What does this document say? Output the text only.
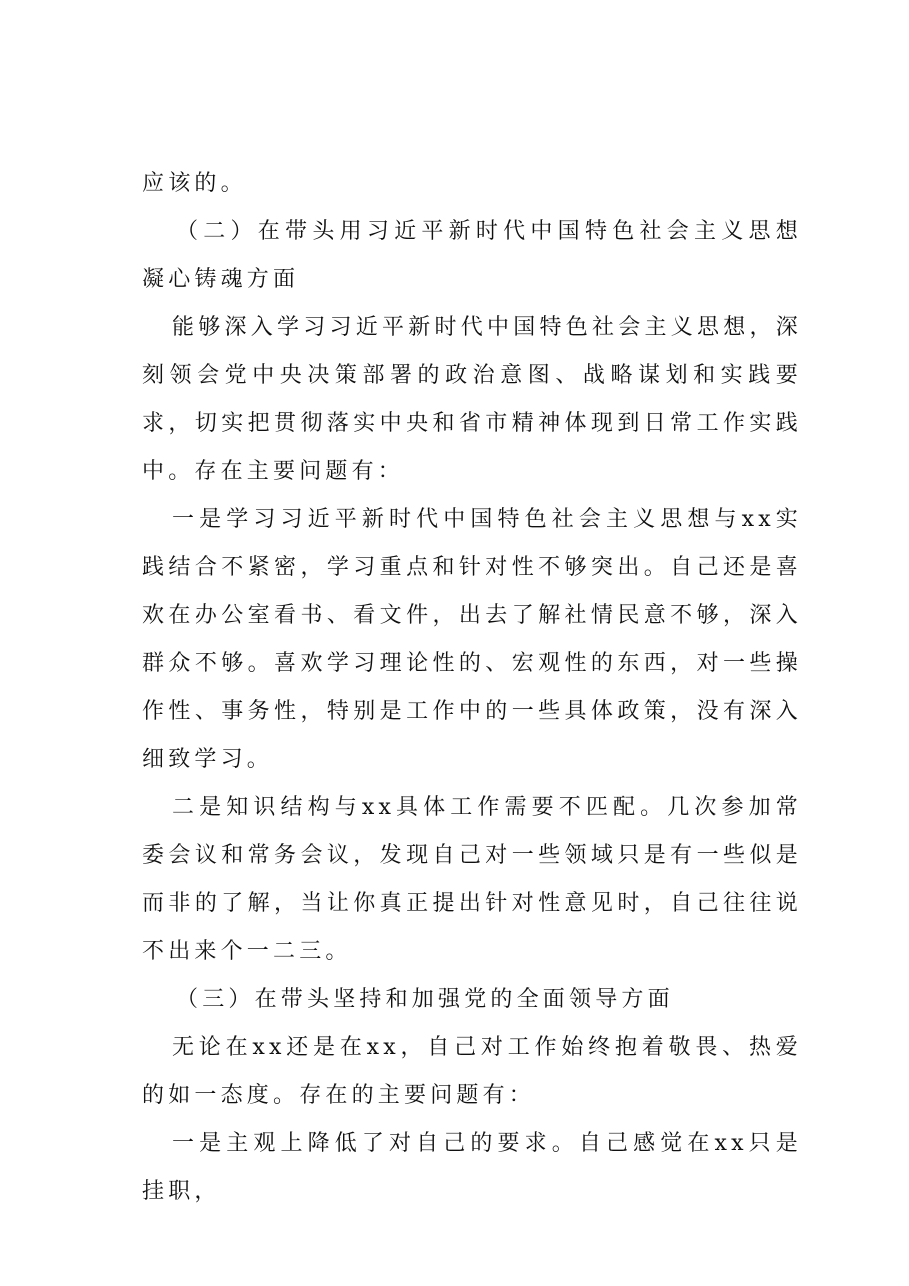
应该的。

（二）在带头用习近平新时代中国特色社会主义思想凝心铸魂方面

能够深入学习习近平新时代中国特色社会主义思想，深刻领会党中央决策部署的政治意图、战略谋划和实践要求，切实把贯彻落实中央和省市精神体现到日常工作实践中。存在主要问题有：

一是学习习近平新时代中国特色社会主义思想与xx实践结合不紧密，学习重点和针对性不够突出。自己还是喜欢在办公室看书、看文件，出去了解社情民意不够，深入群众不够。喜欢学习理论性的、宏观性的东西，对一些操作性、事务性，特别是工作中的一些具体政策，没有深入细致学习。

二是知识结构与xx具体工作需要不匹配。几次参加常委会议和常务会议，发现自己对一些领域只是有一些似是而非的了解，当让你真正提出针对性意见时，自己往往说不出来个一二三。

（三）在带头坚持和加强党的全面领导方面

无论在xx还是在xx，自己对工作始终抱着敬畏、热爱的如一态度。存在的主要问题有：

一是主观上降低了对自己的要求。自己感觉在xx只是挂职，
